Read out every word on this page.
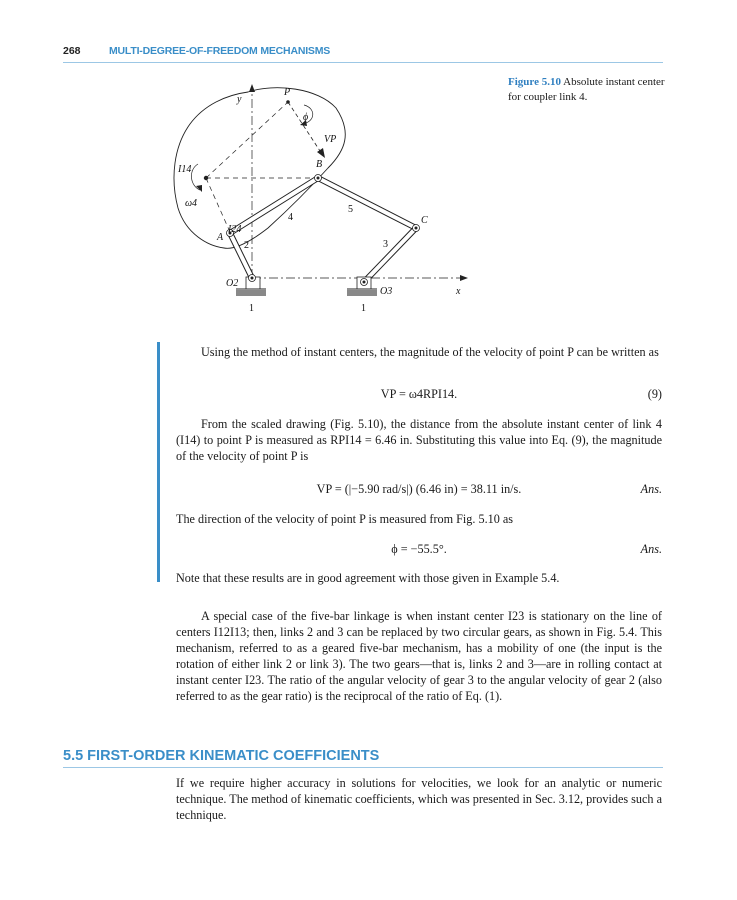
268	MULTI-DEGREE-OF-FREEDOM MECHANISMS
Figure 5.10 Absolute instant center for coupler link 4.
y
x
P
ϕ
VP
B
C
A
I14
ω4
I24
O2
O3
2	3
4
5
1	1

Using the method of instant centers, the magnitude of the velocity of point P can be written as

VP = ω4RPI14.	(9)

From the scaled drawing (Fig. 5.10), the distance from the absolute instant center of link 4 (I14) to point P is measured as RPI14 = 6.46 in. Substituting this value into Eq. (9), the magnitude of the velocity of point P is

VP = (|−5.90 rad/s|) (6.46 in) = 38.11 in/s.	Ans.

The direction of the velocity of point P is measured from Fig. 5.10 as

ϕ = −55.5°.	Ans.

Note that these results are in good agreement with those given in Example 5.4.

A special case of the five-bar linkage is when instant center I23 is stationary on the line of centers I12I13; then, links 2 and 3 can be replaced by two circular gears, as shown in Fig. 5.4. This mechanism, referred to as a geared five-bar mechanism, has a mobility of one (the input is the rotation of either link 2 or link 3). The two gears—that is, links 2 and 3—are in rolling contact at instant center I23. The ratio of the angular velocity of gear 3 to the angular velocity of gear 2 (also referred to as the gear ratio) is the reciprocal of the ratio of Eq. (1).

5.5 FIRST-ORDER KINEMATIC COEFFICIENTS

If we require higher accuracy in solutions for velocities, we look for an analytic or numeric technique. The method of kinematic coefficients, which was presented in Sec. 3.12, provides such a technique.
